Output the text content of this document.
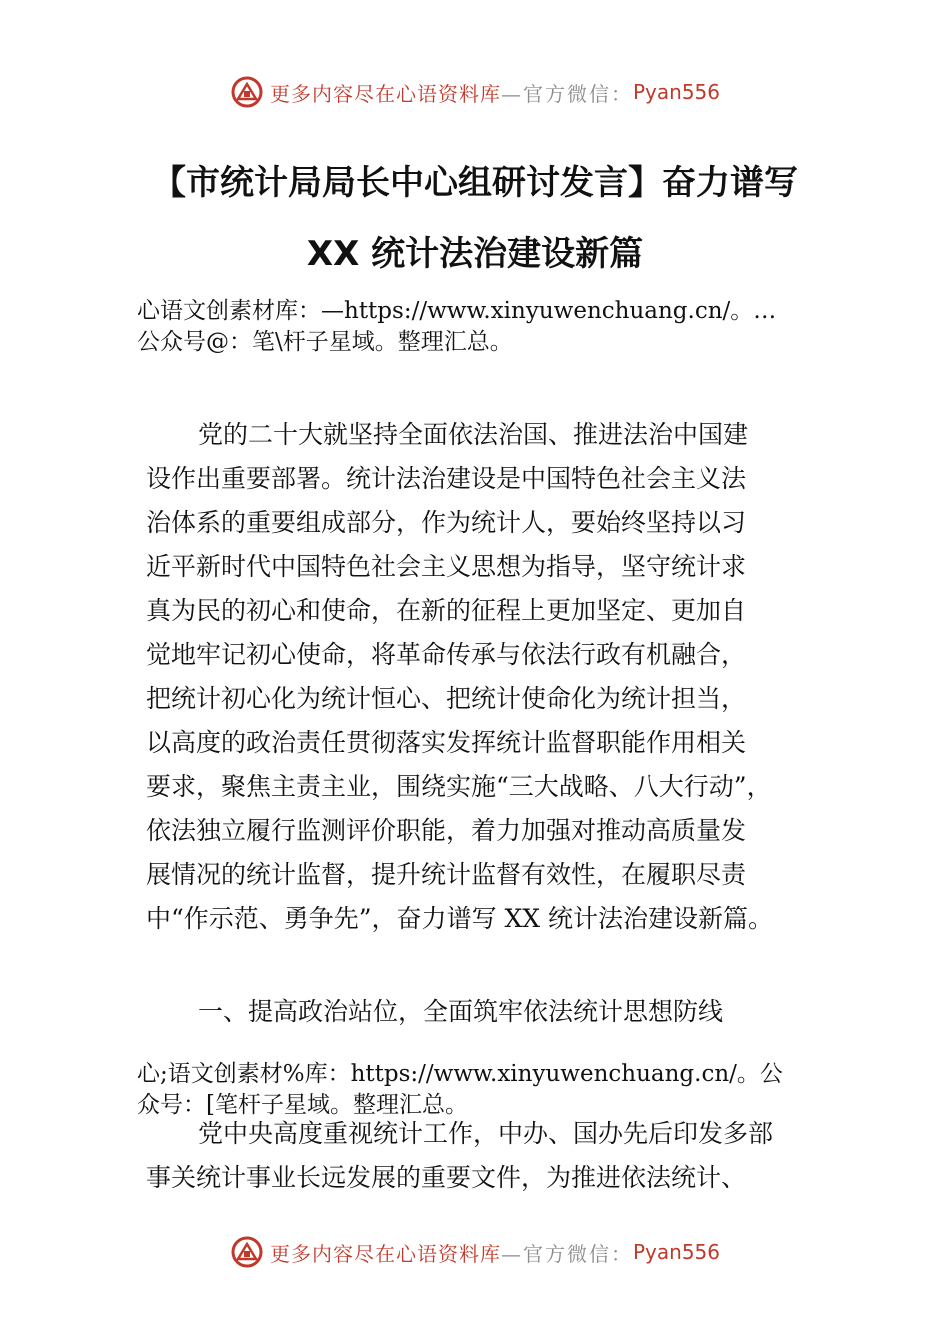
更多内容尽在心语资料库 —官方微信： Pyan556
【市统计局局长中心组研讨发言】奋力谱写
XX 统计法治建设新篇
心语文创素材库：—https://www.xinyuwenchuang.cn/。…
公众号@：笔\杆子星域。整理汇总。
党的二十大就坚持全面依法治国、推进法治中国建
设作出重要部署。统计法治建设是中国特色社会主义法
治体系的重要组成部分，作为统计人，要始终坚持以习
近平新时代中国特色社会主义思想为指导，坚守统计求
真为民的初心和使命，在新的征程上更加坚定、更加自
觉地牢记初心使命，将革命传承与依法行政有机融合，
把统计初心化为统计恒心、把统计使命化为统计担当，
以高度的政治责任贯彻落实发挥统计监督职能作用相关
要求，聚焦主责主业，围绕实施“三大战略、八大行动”，
依法独立履行监测评价职能，着力加强对推动高质量发
展情况的统计监督，提升统计监督有效性，在履职尽责
中“作示范、勇争先”，奋力谱写 XX 统计法治建设新篇。
一、提高政治站位，全面筑牢依法统计思想防线
心;语文创素材%库：https://www.xinyuwenchuang.cn/。公
众号：[笔杆子星域。整理汇总。
党中央高度重视统计工作，中办、国办先后印发多部
事关统计事业长远发展的重要文件，为推进依法统计、
更多内容尽在心语资料库 —官方微信： Pyan556
